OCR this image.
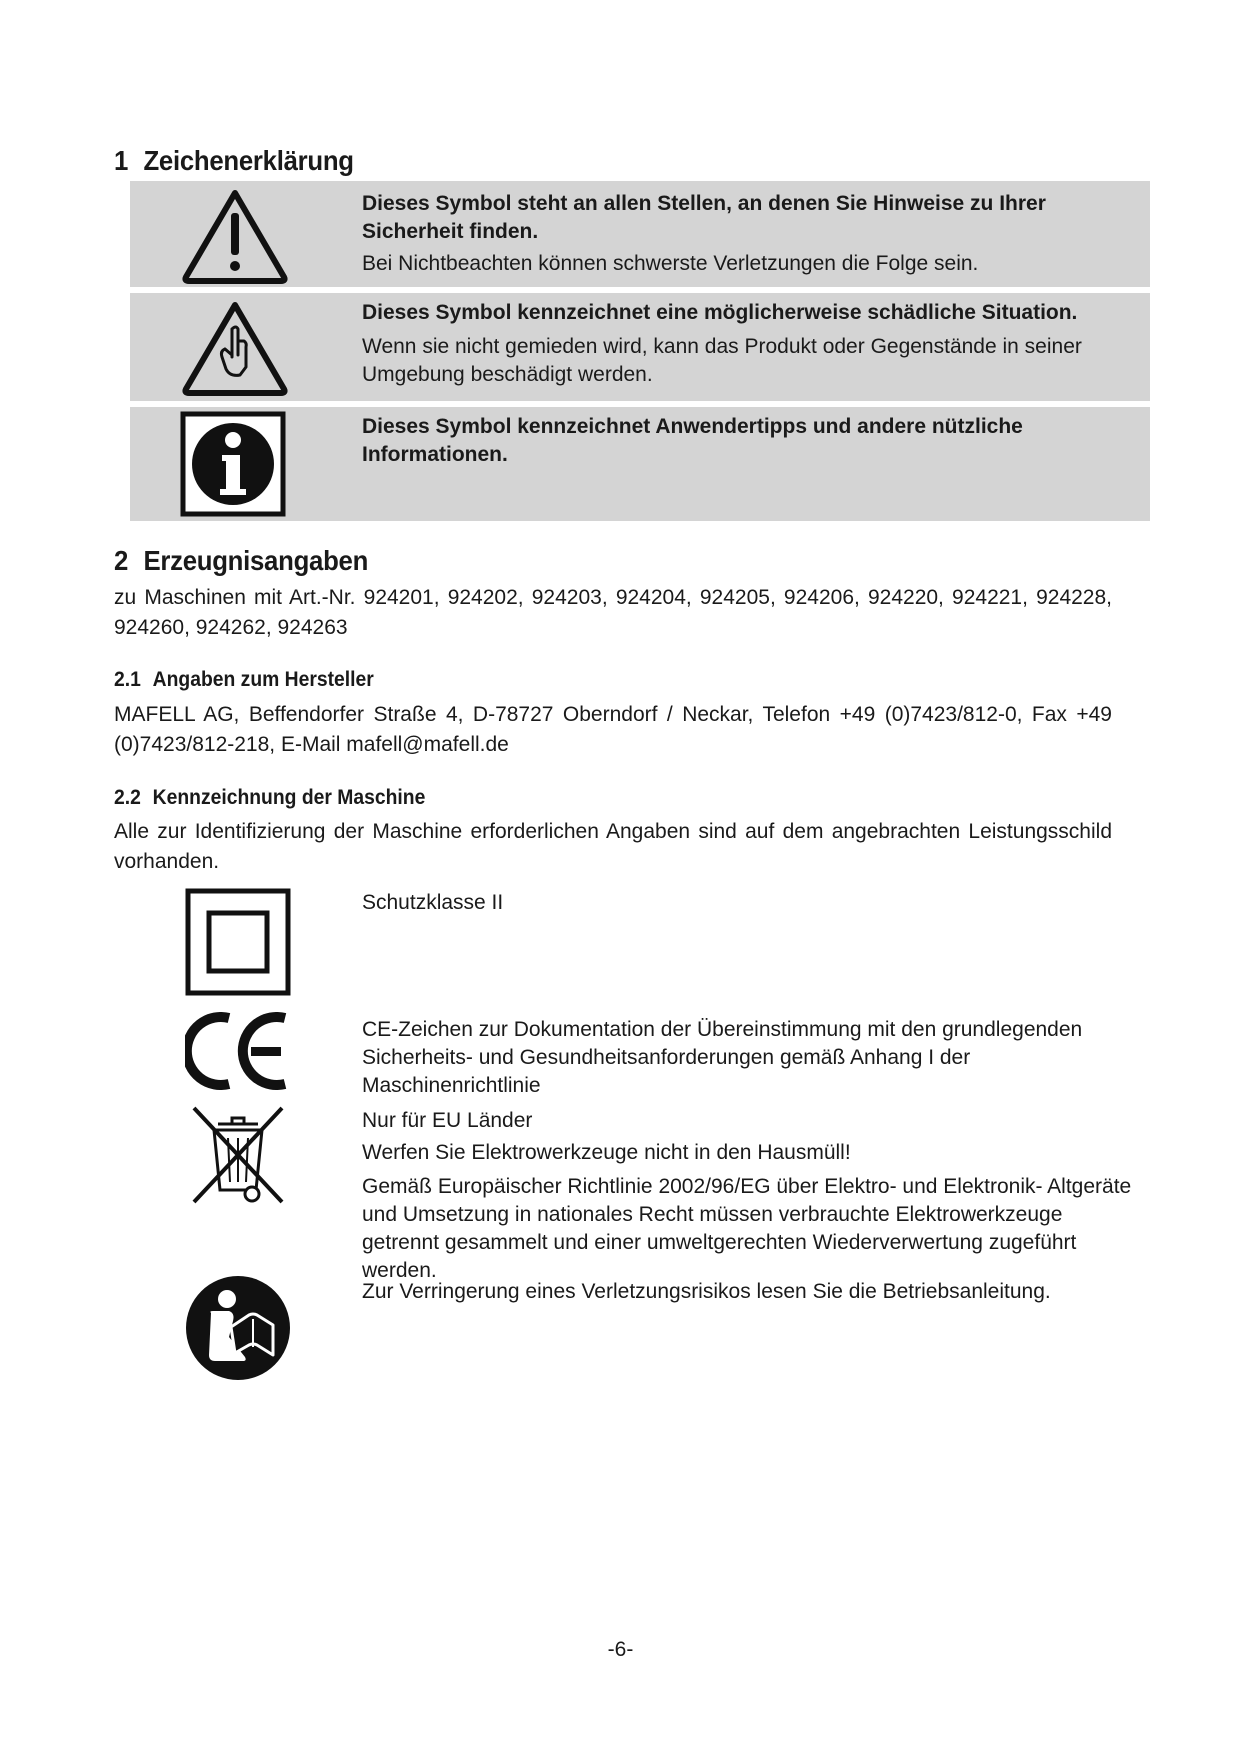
1 Zeichenerklärung
Dieses Symbol steht an allen Stellen, an denen Sie Hinweise zu Ihrer Sicherheit finden.
Bei Nichtbeachten können schwerste Verletzungen die Folge sein.
Dieses Symbol kennzeichnet eine möglicherweise schädliche Situation.
Wenn sie nicht gemieden wird, kann das Produkt oder Gegenstände in seiner Umgebung beschädigt werden.
Dieses Symbol kennzeichnet Anwendertipps und andere nützliche Informationen.
2 Erzeugnisangaben
zu Maschinen mit Art.-Nr. 924201, 924202, 924203, 924204, 924205, 924206, 924220, 924221, 924228, 924260, 924262, 924263
2.1 Angaben zum Hersteller
MAFELL AG, Beffendorfer Straße 4, D-78727 Oberndorf / Neckar, Telefon +49 (0)7423/812-0, Fax +49 (0)7423/812-218, E-Mail mafell@mafell.de
2.2 Kennzeichnung der Maschine
Alle zur Identifizierung der Maschine erforderlichen Angaben sind auf dem angebrachten Leistungsschild vorhanden.

Schutzklasse II

CE-Zeichen zur Dokumentation der Übereinstimmung mit den grundlegenden Sicherheits- und Gesundheitsanforderungen gemäß Anhang I der Maschinenrichtlinie

Nur für EU Länder

Werfen Sie Elektrowerkzeuge nicht in den Hausmüll!

Gemäß Europäischer Richtlinie 2002/96/EG über Elektro- und Elektronik- Altgeräte und Umsetzung in nationales Recht müssen verbrauchte Elektrowerkzeuge getrennt gesammelt und einer umweltgerechten Wiederverwertung zugeführt werden.

Zur Verringerung eines Verletzungsrisikos lesen Sie die Betriebsanleitung.

-6-
